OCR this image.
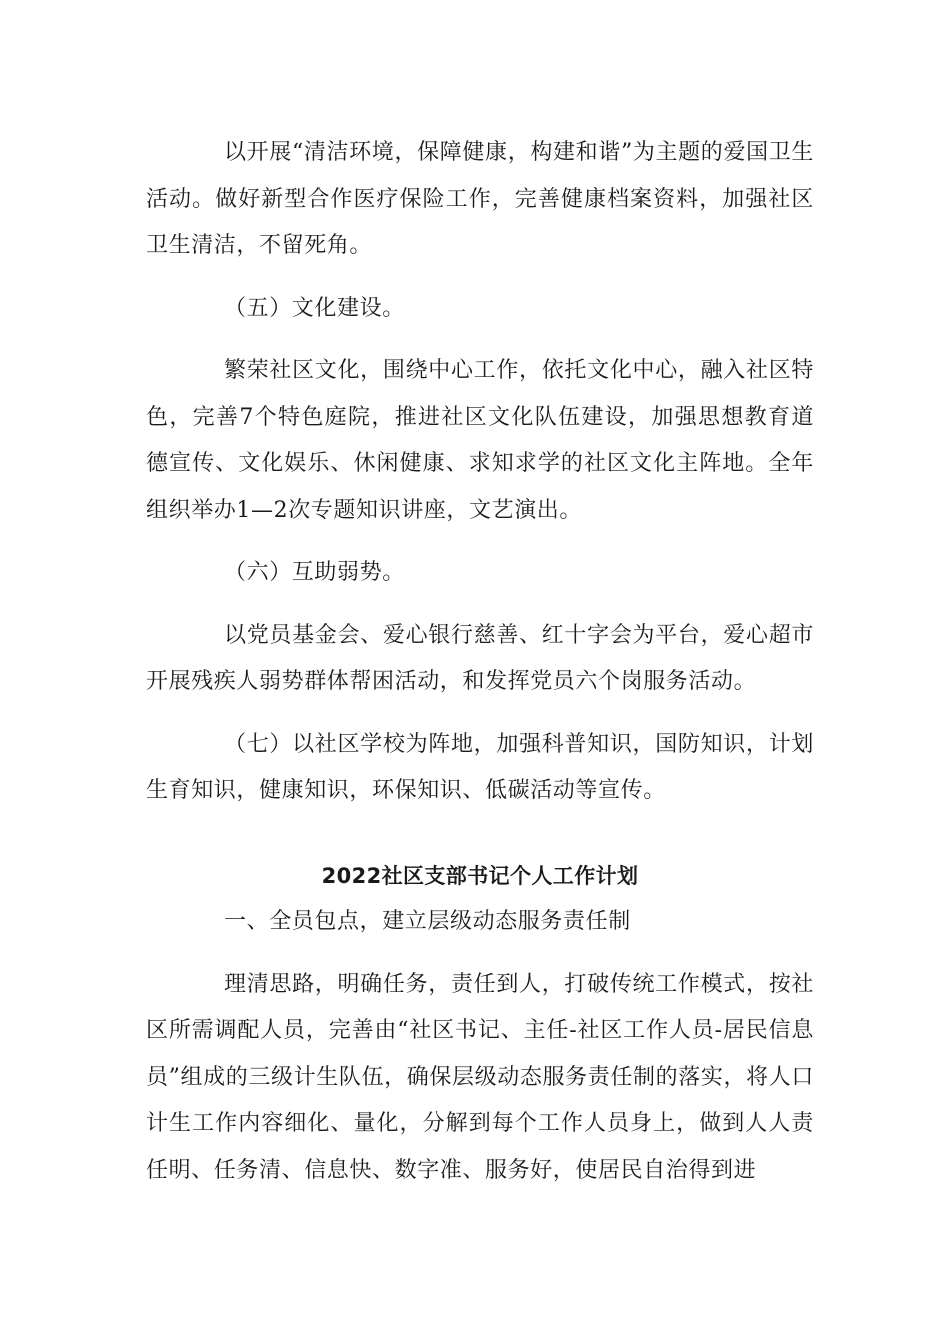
以开展“清洁环境，保障健康，构建和谐”为主题的爱国卫生活动。做好新型合作医疗保险工作，完善健康档案资料，加强社区卫生清洁，不留死角。

（五）文化建设。

繁荣社区文化，围绕中心工作，依托文化中心，融入社区特色，完善7个特色庭院，推进社区文化队伍建设，加强思想教育道德宣传、文化娱乐、休闲健康、求知求学的社区文化主阵地。全年组织举办1—2次专题知识讲座，文艺演出。

（六）互助弱势。

以党员基金会、爱心银行慈善、红十字会为平台，爱心超市开展残疾人弱势群体帮困活动，和发挥党员六个岗服务活动。

（七）以社区学校为阵地，加强科普知识，国防知识，计划生育知识，健康知识，环保知识、低碳活动等宣传。

2022社区支部书记个人工作计划

一、全员包点，建立层级动态服务责任制

理清思路，明确任务，责任到人，打破传统工作模式，按社区所需调配人员，完善由“社区书记、主任-社区工作人员-居民信息员”组成的三级计生队伍，确保层级动态服务责任制的落实，将人口计生工作内容细化、量化，分解到每个工作人员身上，做到人人责任明、任务清、信息快、数字准、服务好，使居民自治得到进
